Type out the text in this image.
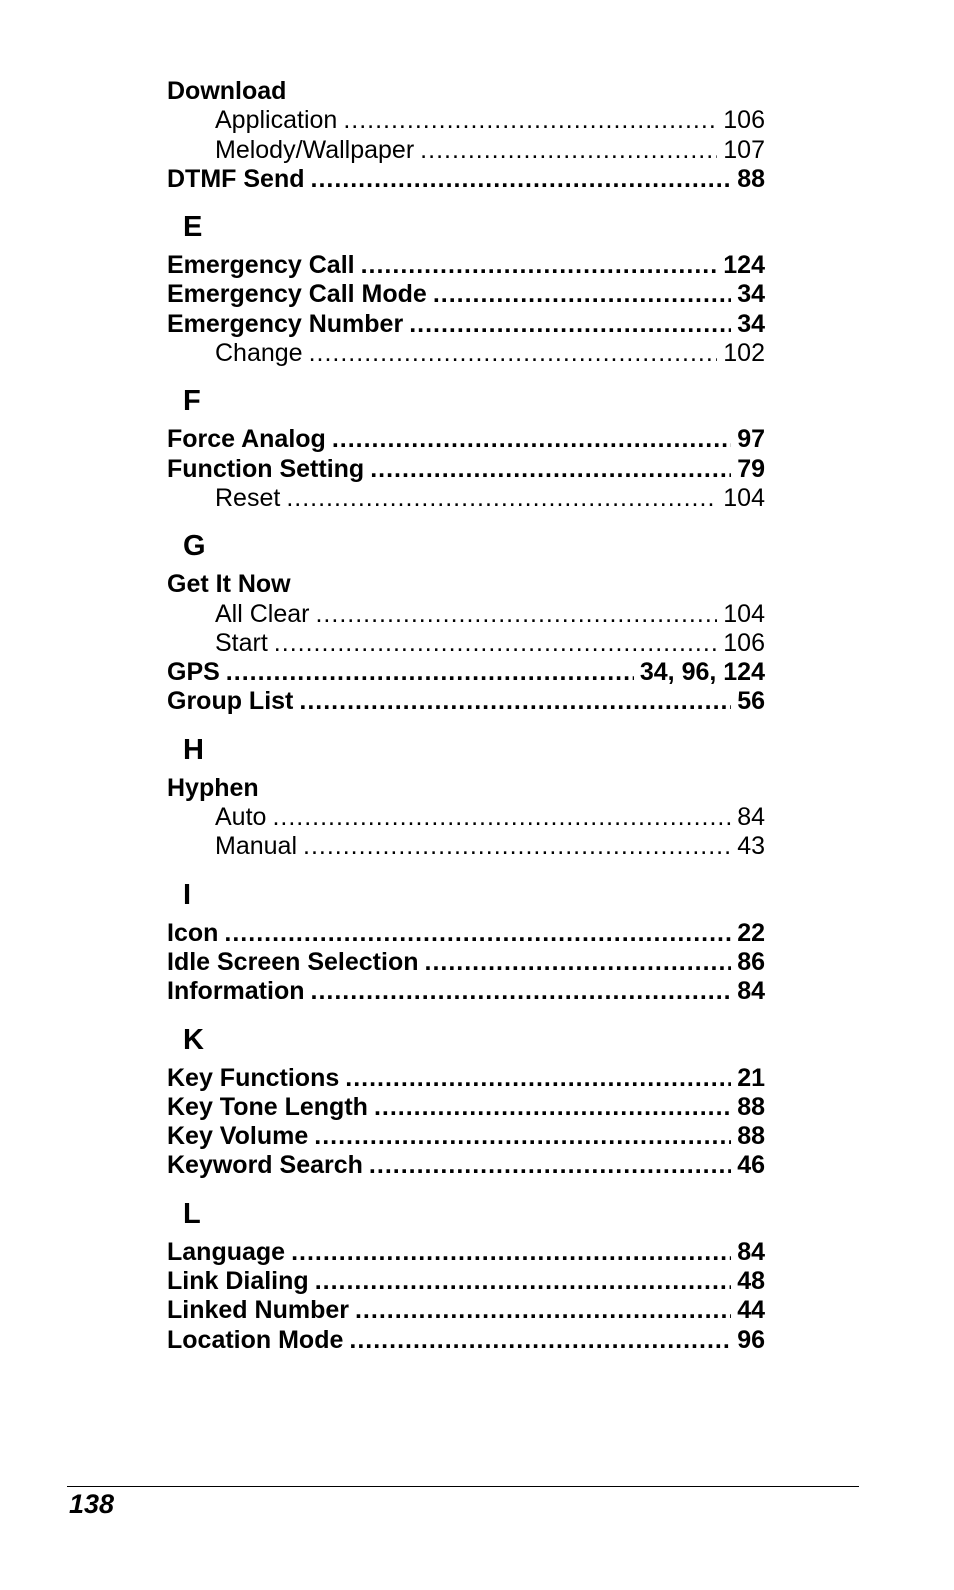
Download
Application .....	106
Melody/Wallpaper .....	107
DTMF Send .....	88
E
Emergency Call .....	124
Emergency Call Mode .....	34
Emergency Number .....	34
Change .....	102
F
Force Analog .....	97
Function Setting .....	79
Reset .....	104
G
Get It Now
All Clear .....	104
Start .....	106
GPS .....	34, 96, 124
Group List .....	56
H
Hyphen
Auto .....	84
Manual .....	43
I
Icon .....	22
Idle Screen Selection .....	86
Information .....	84
K
Key Functions .....	21
Key Tone Length .....	88
Key Volume .....	88
Keyword Search .....	46
L
Language .....	84
Link Dialing .....	48
Linked Number .....	44
Location Mode .....	96
138
